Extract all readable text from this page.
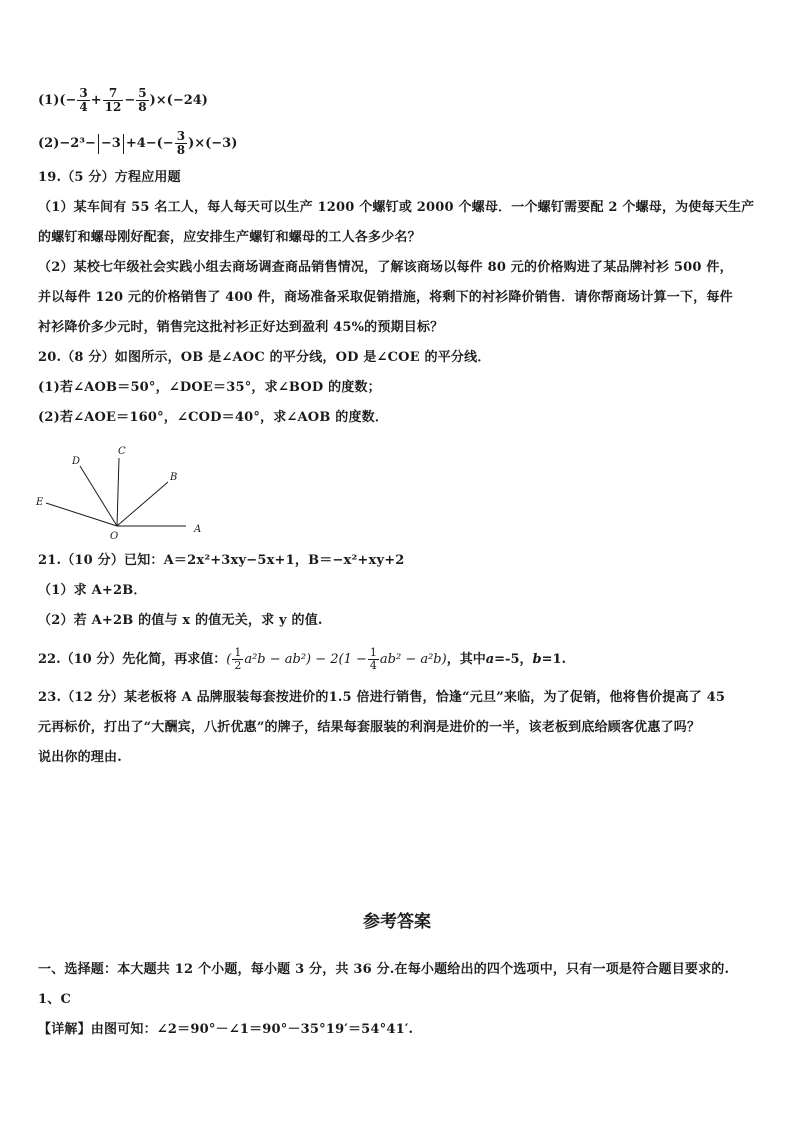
$(1)(- \frac{3}{4} + \frac{7}{12} - \frac{5}{8} )\times(-24)$
$(2)-2^3- -3 +4-(- \frac{3}{8} )\times(-3)$
19.（5 分）方程应用题
（1）某车间有 55 名工人，每人每天可以生产 1200 个螺钉或 2000 个螺母．一个螺钉需要配 2 个螺母，为使每天生产
的螺钉和螺母刚好配套，应安排生产螺钉和螺母的工人各多少名？
（2）某校七年级社会实践小组去商场调查商品销售情况，了解该商场以每件 80 元的价格购进了某品牌衬衫 500 件，
并以每件 120 元的价格销售了 400 件，商场准备采取促销措施，将剩下的衬衫降价销售．请你帮商场计算一下，每件
衬衫降价多少元时，销售完这批衬衫正好达到盈利 45%的预期目标？
20.（8 分）如图所示，OB 是∠AOC 的平分线，OD 是∠COE 的平分线．
(1)若∠AOB＝50°，∠DOE＝35°，求∠BOD 的度数；
(2)若∠AOE＝160°，∠COD＝40°，求∠AOB 的度数．
D
C
B
E
O
A
21.（10 分）已知：A＝2x²+3xy−5x+1，B＝−x²+xy+2
（1）求 A+2B．
（2）若 A+2B 的值与 x 的值无关，求 y 的值.
22.（10 分）先化简，再求值： ( $\frac{1}{2} a^2b - ab^2) - 2(1 - \frac{1}{4} ab^2 - a^2b)$ ，其中 a =-5， b =1.
23.（12 分）某老板将 A 品牌服装每套按进价的1.5 倍进行销售，恰逢“元旦”来临，为了促销，他将售价提高了 45
元再标价，打出了“大酬宾，八折优惠”的牌子，结果每套服装的利润是进价的一半，该老板到底给顾客优惠了吗？
说出你的理由.
参考答案
一、选择题：本大题共 12 个小题，每小题 3 分，共 36 分.在每小题给出的四个选项中，只有一项是符合题目要求的.
1、C
【详解】由图可知：∠2＝90°－∠1＝90°－35°19′＝54°41′.
